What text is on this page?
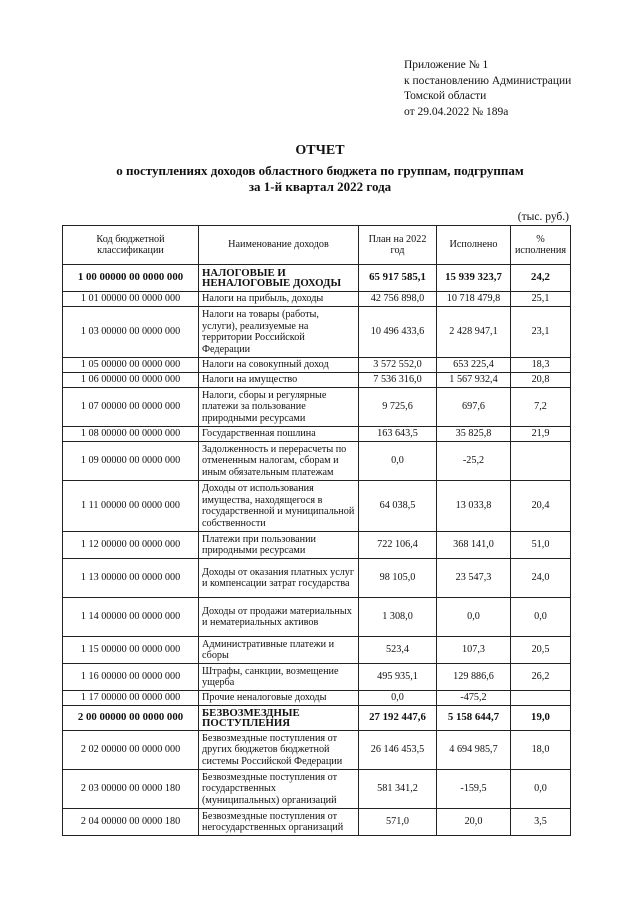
Приложение № 1
к постановлению Администрации
Томской области
от 29.04.2022 № 189а
ОТЧЕТ
о поступлениях доходов областного бюджета по группам, подгруппам
за 1-й квартал 2022 года
(тыс. руб.)
Код бюджетной классификации	Наименование доходов	План на 2022 год	Исполнено	% исполнения
1 00 00000 00 0000 000	НАЛОГОВЫЕ И НЕНАЛОГОВЫЕ ДОХОДЫ	65 917 585,1	15 939 323,7	24,2
1 01 00000 00 0000 000	Налоги на прибыль, доходы	42 756 898,0	10 718 479,8	25,1
1 03 00000 00 0000 000	Налоги на товары (работы, услуги), реализуемые на территории Российской Федерации	10 496 433,6	2 428 947,1	23,1
1 05 00000 00 0000 000	Налоги на совокупный доход	3 572 552,0	653 225,4	18,3
1 06 00000 00 0000 000	Налоги на имущество	7 536 316,0	1 567 932,4	20,8
1 07 00000 00 0000 000	Налоги, сборы и регулярные платежи за пользование природными ресурсами	9 725,6	697,6	7,2
1 08 00000 00 0000 000	Государственная пошлина	163 643,5	35 825,8	21,9
1 09 00000 00 0000 000	Задолженность и перерасчеты по отмененным налогам, сборам и иным обязательным платежам	0,0	-25,2	
1 11 00000 00 0000 000	Доходы от использования имущества, находящегося в государственной и муниципальной собственности	64 038,5	13 033,8	20,4
1 12 00000 00 0000 000	Платежи при пользовании природными ресурсами	722 106,4	368 141,0	51,0
1 13 00000 00 0000 000	Доходы от оказания платных услуг и компенсации затрат государства	98 105,0	23 547,3	24,0
1 14 00000 00 0000 000	Доходы от продажи материальных и нематериальных активов	1 308,0	0,0	0,0
1 15 00000 00 0000 000	Административные платежи и сборы	523,4	107,3	20,5
1 16 00000 00 0000 000	Штрафы, санкции, возмещение ущерба	495 935,1	129 886,6	26,2
1 17 00000 00 0000 000	Прочие неналоговые доходы	0,0	-475,2	
2 00 00000 00 0000 000	БЕЗВОЗМЕЗДНЫЕ ПОСТУПЛЕНИЯ	27 192 447,6	5 158 644,7	19,0
2 02 00000 00 0000 000	Безвозмездные поступления от других бюджетов бюджетной системы Российской Федерации	26 146 453,5	4 694 985,7	18,0
2 03 00000 00 0000 180	Безвозмездные поступления от государственных (муниципальных) организаций	581 341,2	-159,5	0,0
2 04 00000 00 0000 180	Безвозмездные поступления от негосударственных организаций	571,0	20,0	3,5
